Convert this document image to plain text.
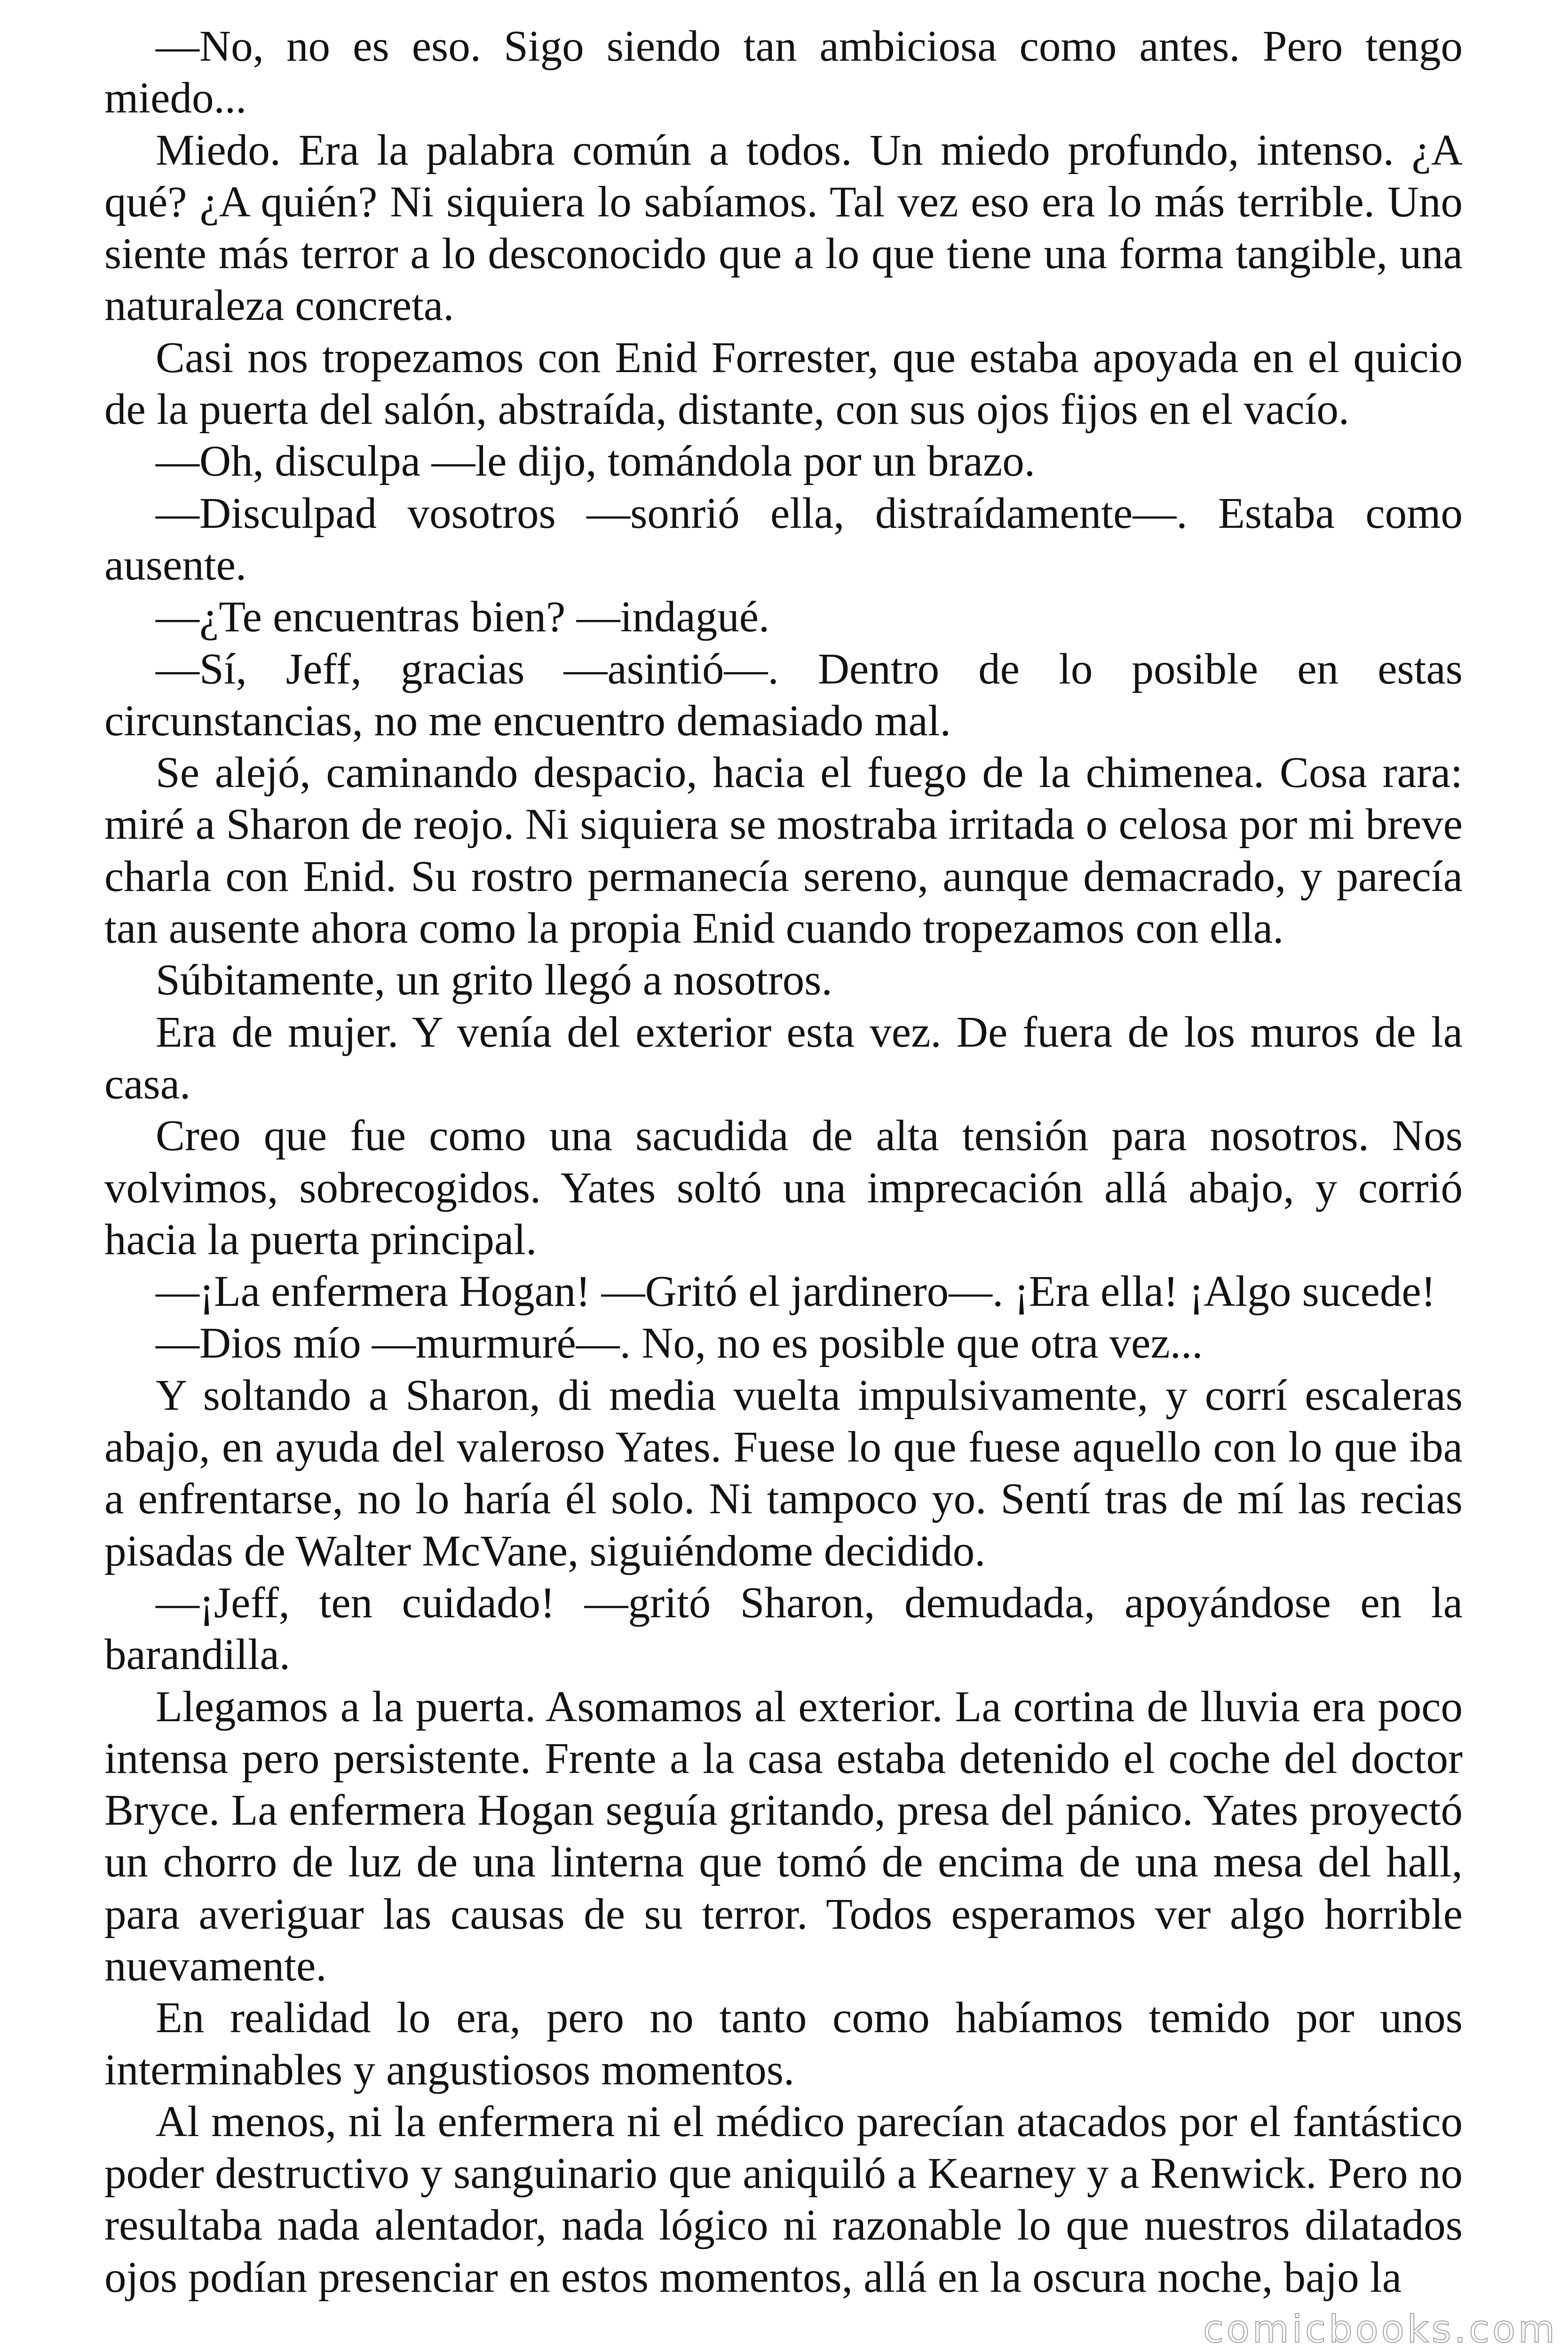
—No, no es eso. Sigo siendo tan ambiciosa como antes. Pero tengo miedo...

Miedo. Era la palabra común a todos. Un miedo profundo, intenso. ¿A qué? ¿A quién? Ni siquiera lo sabíamos. Tal vez eso era lo más terrible. Uno siente más terror a lo desconocido que a lo que tiene una forma tangible, una naturaleza concreta.

Casi nos tropezamos con Enid Forrester, que estaba apoyada en el quicio de la puerta del salón, abstraída, distante, con sus ojos fijos en el vacío.

—Oh, disculpa —le dijo, tomándola por un brazo.

—Disculpad vosotros —sonrió ella, distraídamente—. Estaba como ausente.

—¿Te encuentras bien? —indagué.

—Sí, Jeff, gracias —asintió—. Dentro de lo posible en estas circunstancias, no me encuentro demasiado mal.

Se alejó, caminando despacio, hacia el fuego de la chimenea. Cosa rara: miré a Sharon de reojo. Ni siquiera se mostraba irritada o celosa por mi breve charla con Enid. Su rostro permanecía sereno, aunque demacrado, y parecía tan ausente ahora como la propia Enid cuando tropezamos con ella.

Súbitamente, un grito llegó a nosotros.

Era de mujer. Y venía del exterior esta vez. De fuera de los muros de la casa.

Creo que fue como una sacudida de alta tensión para nosotros. Nos volvimos, sobrecogidos. Yates soltó una imprecación allá abajo, y corrió hacia la puerta principal.

—¡La enfermera Hogan! —Gritó el jardinero—. ¡Era ella! ¡Algo sucede!

—Dios mío —murmuré—. No, no es posible que otra vez...

Y soltando a Sharon, di media vuelta impulsivamente, y corrí escaleras abajo, en ayuda del valeroso Yates. Fuese lo que fuese aquello con lo que iba a enfrentarse, no lo haría él solo. Ni tampoco yo. Sentí tras de mí las recias pisadas de Walter McVane, siguiéndome decidido.

—¡Jeff, ten cuidado! —gritó Sharon, demudada, apoyándose en la barandilla.

Llegamos a la puerta. Asomamos al exterior. La cortina de lluvia era poco intensa pero persistente. Frente a la casa estaba detenido el coche del doctor Bryce. La enfermera Hogan seguía gritando, presa del pánico. Yates proyectó un chorro de luz de una linterna que tomó de encima de una mesa del hall, para averiguar las causas de su terror. Todos esperamos ver algo horrible nuevamente.

En realidad lo era, pero no tanto como habíamos temido por unos interminables y angustiosos momentos.

Al menos, ni la enfermera ni el médico parecían atacados por el fantástico poder destructivo y sanguinario que aniquiló a Kearney y a Renwick. Pero no resultaba nada alentador, nada lógico ni razonable lo que nuestros dilatados ojos podían presenciar en estos momentos, allá en la oscura noche, bajo la

comicbooks.com
